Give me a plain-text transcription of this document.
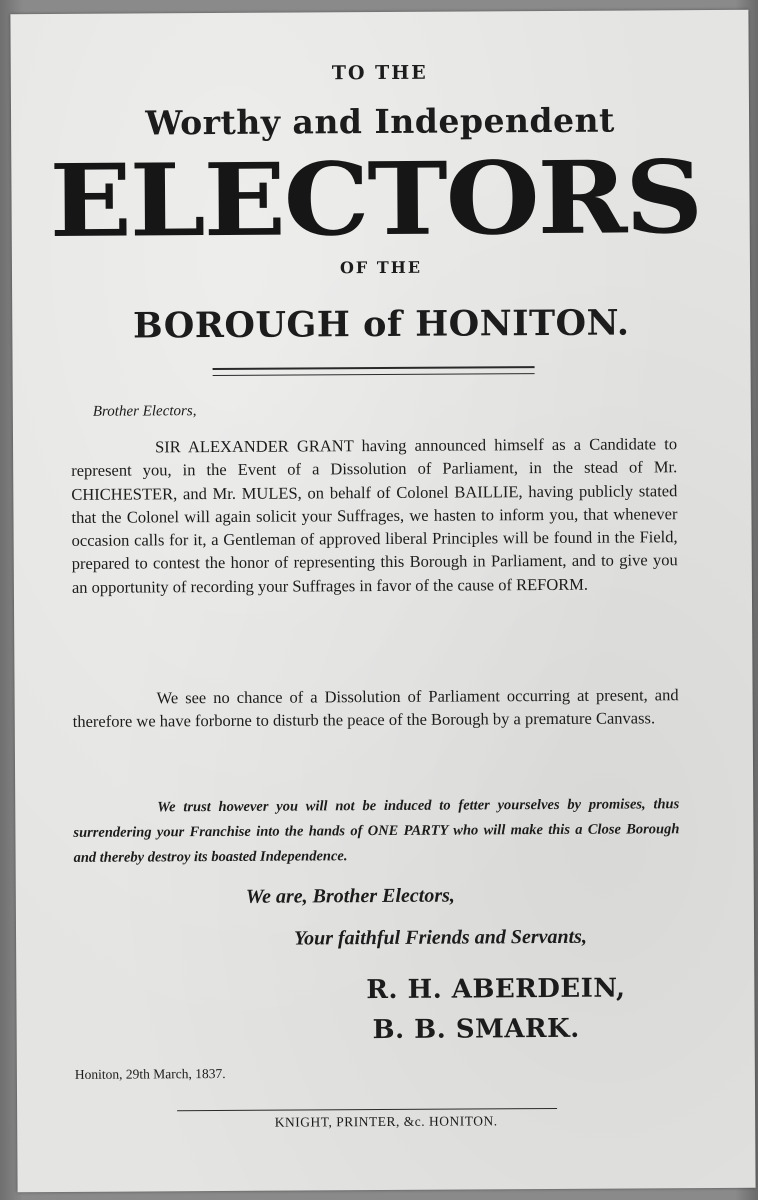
TO THE

Worthy and Independent

ELECTORS

OF THE

BOROUGH of HONITON.

Brother Electors,

SIR ALEXANDER GRANT having announced himself as a Candidate to represent you, in the Event of a Dissolution of Parliament, in the stead of Mr. CHICHESTER, and Mr. MULES, on behalf of Colonel BAILLIE, having publicly stated that the Colonel will again solicit your Suffrages, we hasten to inform you, that whenever occasion calls for it, a Gentleman of approved liberal Principles will be found in the Field, prepared to contest the honor of representing this Borough in Parliament, and to give you an opportunity of recording your Suffrages in favor of the cause of REFORM.

We see no chance of a Dissolution of Parliament occurring at present, and therefore we have forborne to disturb the peace of the Borough by a premature Canvass.

We trust however you will not be induced to fetter yourselves by promises, thus surrendering your Franchise into the hands of ONE PARTY who will make this a Close Borough and thereby destroy its boasted Independence.

We are, Brother Electors,

Your faithful Friends and Servants,

R. H. ABERDEIN,

B. B. SMARK.

Honiton, 29th March, 1837.

KNIGHT, PRINTER, &c. HONITON.
